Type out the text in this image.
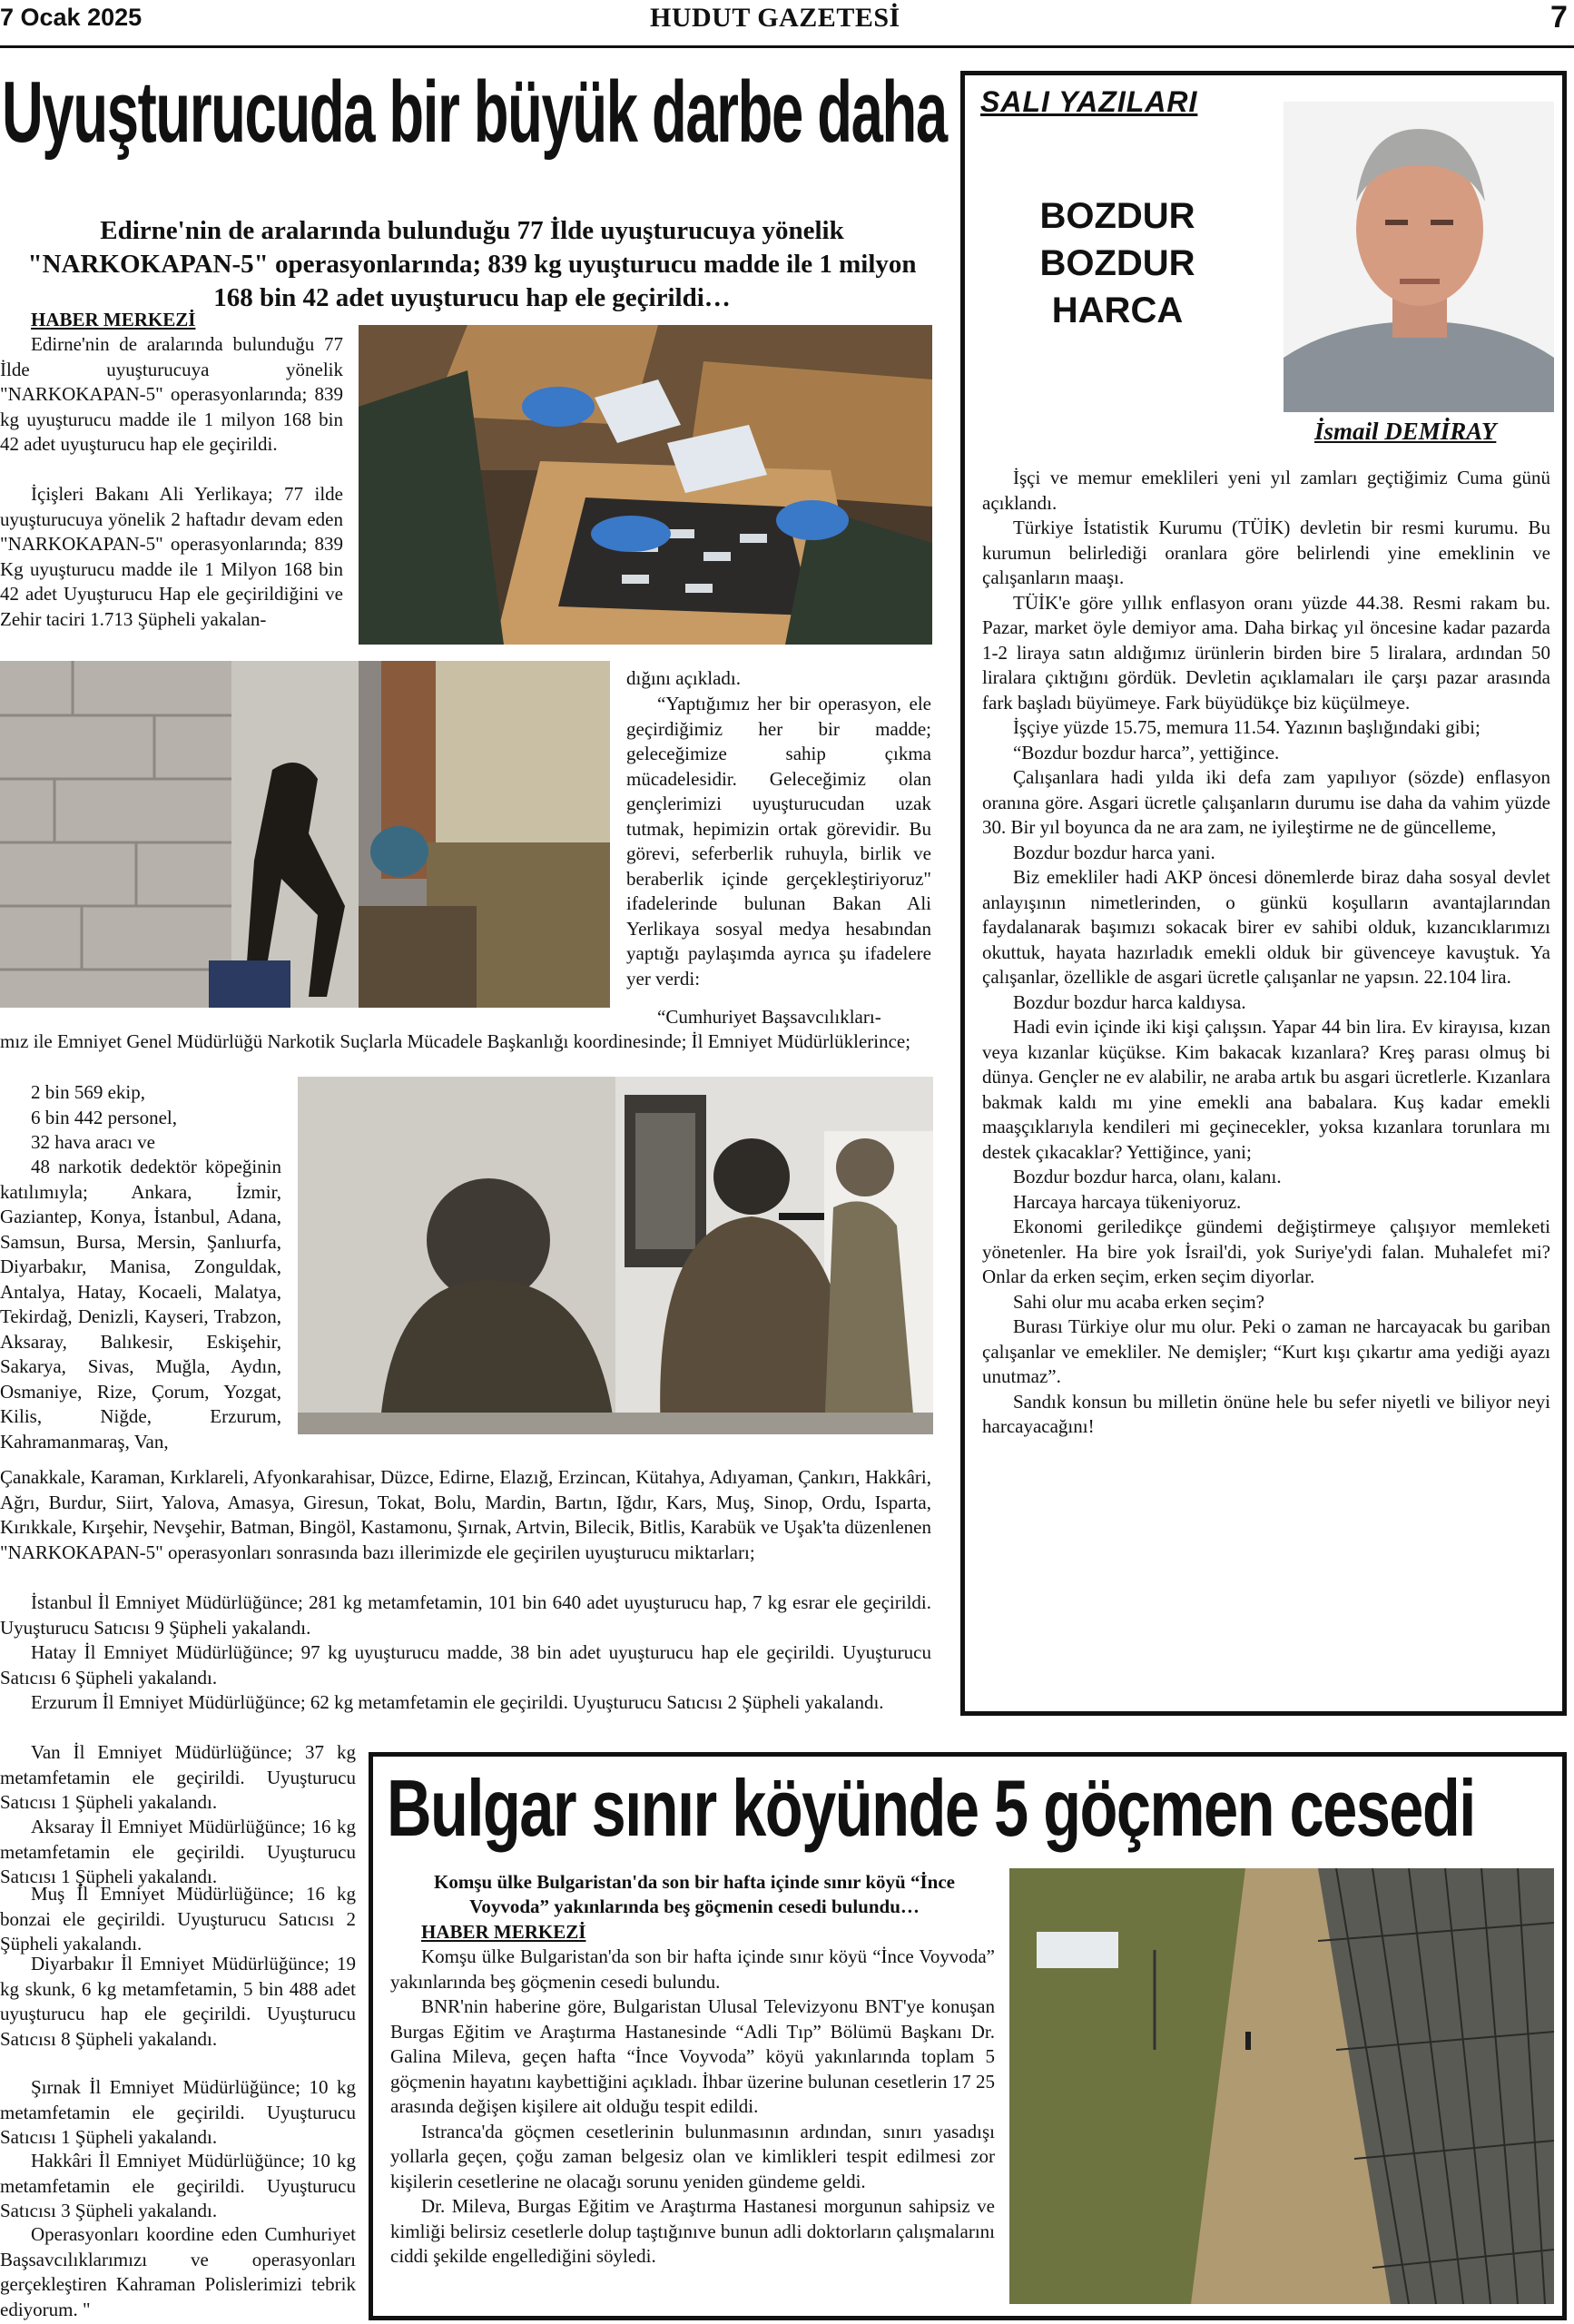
7 Ocak 2025	HUDUT GAZETESİ	7
Uyuşturucuda bir büyük darbe daha
Edirne'nin de aralarında bulunduğu 77 İlde uyuşturucuya yönelik "NARKOKAPAN-5" operasyonlarında; 839 kg uyuşturucu madde ile 1 milyon 168 bin 42 adet uyuşturucu hap ele geçirildi…
HABER MERKEZİ
Edirne'nin de aralarında bulunduğu 77 İlde uyuşturucuya yönelik "NARKOKAPAN-5" operasyonlarında; 839 kg uyuşturucu madde ile 1 milyon 168 bin 42 adet uyuşturucu hap ele geçirildi.
İçişleri Bakanı Ali Yerlikaya; 77 ilde uyuşturucuya yönelik 2 haftadır devam eden "NARKOKAPAN-5" operasyonlarında; 839 Kg uyuşturucu madde ile 1 Milyon 168 bin 42 adet Uyuşturucu Hap ele geçirildiğini ve Zehir taciri 1.713 Şüpheli yakalan-
dığını açıkladı.
“Yaptığımız her bir operasyon, ele geçirdiğimiz her bir madde; geleceğimize sahip çıkma mücadelesidir. Geleceğimiz olan gençlerimizi uyuşturucudan uzak tutmak, hepimizin ortak görevidir. Bu görevi, seferberlik ruhuyla, birlik ve beraberlik içinde gerçekleştiriyoruz" ifadelerinde bulunan Bakan Ali Yerlikaya sosyal medya hesabından yaptığı paylaşımda ayrıca şu ifadelere yer verdi:
“Cumhuriyet Başsavcılıkları-
mız ile Emniyet Genel Müdürlüğü Narkotik Suçlarla Mücadele Başkanlığı koordinesinde; İl Emniyet Müdürlüklerince;
2 bin 569 ekip,
6 bin 442 personel,
32 hava aracı ve
48 narkotik dedektör köpeğinin katılımıyla; Ankara, İzmir, Gaziantep, Konya, İstanbul, Adana, Samsun, Bursa, Mersin, Şanlıurfa, Diyarbakır, Manisa, Zonguldak, Antalya, Hatay, Kocaeli, Malatya, Tekirdağ, Denizli, Kayseri, Trabzon, Aksaray, Balıkesir, Eskişehir, Sakarya, Sivas, Muğla, Aydın, Osmaniye, Rize, Çorum, Yozgat, Kilis, Niğde, Erzurum, Kahramanmaraş, Van,
Çanakkale, Karaman, Kırklareli, Afyonkarahisar, Düzce, Edirne, Elazığ, Erzincan, Kütahya, Adıyaman, Çankırı, Hakkâri, Ağrı, Burdur, Siirt, Yalova, Amasya, Giresun, Tokat, Bolu, Mardin, Bartın, Iğdır, Kars, Muş, Sinop, Ordu, Isparta, Kırıkkale, Kırşehir, Nevşehir, Batman, Bingöl, Kastamonu, Şırnak, Artvin, Bilecik, Bitlis, Karabük ve Uşak'ta düzenlenen "NARKOKAPAN-5" operasyonları sonrasında bazı illerimizde ele geçirilen uyuşturucu miktarları;
İstanbul İl Emniyet Müdürlüğünce; 281 kg metamfetamin, 101 bin 640 adet uyuşturucu hap, 7 kg esrar ele geçirildi. Uyuşturucu Satıcısı 9 Şüpheli yakalandı.
Hatay İl Emniyet Müdürlüğünce; 97 kg uyuşturucu madde, 38 bin adet uyuşturucu hap ele geçirildi. Uyuşturucu Satıcısı 6 Şüpheli yakalandı.
Erzurum İl Emniyet Müdürlüğünce; 62 kg metamfetamin ele geçirildi. Uyuşturucu Satıcısı 2 Şüpheli yakalandı.
Van İl Emniyet Müdürlüğünce; 37 kg metamfetamin ele geçirildi. Uyuşturucu Satıcısı 1 Şüpheli yakalandı.
Aksaray İl Emniyet Müdürlüğünce; 16 kg metamfetamin ele geçirildi. Uyuşturucu Satıcısı 1 Şüpheli yakalandı.
Muş İl Emniyet Müdürlüğünce; 16 kg bonzai ele geçirildi. Uyuşturucu Satıcısı 2 Şüpheli yakalandı.
Diyarbakır İl Emniyet Müdürlüğünce; 19 kg skunk, 6 kg metamfetamin, 5 bin 488 adet uyuşturucu hap ele geçirildi. Uyuşturucu Satıcısı 8 Şüpheli yakalandı.
Şırnak İl Emniyet Müdürlüğünce; 10 kg metamfetamin ele geçirildi. Uyuşturucu Satıcısı 1 Şüpheli yakalandı.
Hakkâri İl Emniyet Müdürlüğünce; 10 kg metamfetamin ele geçirildi. Uyuşturucu Satıcısı 3 Şüpheli yakalandı.
Operasyonları koordine eden Cumhuriyet Başsavcılıklarımızı ve operasyonları gerçekleştiren Kahraman Polislerimizi tebrik ediyorum. "
SALI YAZILARI
BOZDUR
BOZDUR
HARCA
İsmail DEMİRAY

İşçi ve memur emeklileri yeni yıl zamları geçtiğimiz Cuma günü açıklandı.

Türkiye İstatistik Kurumu (TÜİK) devletin bir resmi kurumu. Bu kurumun belirlediği oranlara göre belirlendi yine emeklinin ve çalışanların maaşı.

TÜİK'e göre yıllık enflasyon oranı yüzde 44.38. Resmi rakam bu. Pazar, market öyle demiyor ama. Daha birkaç yıl öncesine kadar pazarda 1-2 liraya satın aldığımız ürünlerin birden bire 5 liralara, ardından 50 liralara çıktığını gördük. Devletin açıklamaları ile çarşı pazar arasında fark başladı büyümeye. Fark büyüdükçe biz küçülmeye.

İşçiye yüzde 15.75, memura 11.54. Yazının başlığındaki gibi;

“Bozdur bozdur harca”, yettiğince.

Çalışanlara hadi yılda iki defa zam yapılıyor (sözde) enflasyon oranına göre. Asgari ücretle çalışanların durumu ise daha da vahim yüzde 30. Bir yıl boyunca da ne ara zam, ne iyileştirme ne de güncelleme,

Bozdur bozdur harca yani.

Biz emekliler hadi AKP öncesi dönemlerde biraz daha sosyal devlet anlayışının nimetlerinden, o günkü koşulların avantajlarından faydalanarak başımızı sokacak birer ev sahibi olduk, kızancıklarımızı okuttuk, hayata hazırladık emekli olduk bir güvenceye kavuştuk. Ya çalışanlar, özellikle de asgari ücretle çalışanlar ne yapsın. 22.104 lira.

Bozdur bozdur harca kaldıysa.

Hadi evin içinde iki kişi çalışsın. Yapar 44 bin lira. Ev kirayısa, kızan veya kızanlar küçükse. Kim bakacak kızanlara? Kreş parası olmuş bi dünya. Gençler ne ev alabilir, ne araba artık bu asgari ücretlerle. Kızanlara bakmak kaldı mı yine emekli ana babalara. Kuş kadar emekli maaşçıklarıyla kendileri mi geçinecekler, yoksa kızanlara torunlara mı destek çıkacaklar? Yettiğince, yani;

Bozdur bozdur harca, olanı, kalanı.

Harcaya harcaya tükeniyoruz.

Ekonomi geriledikçe gündemi değiştirmeye çalışıyor memleketi yönetenler. Ha bire yok İsrail'di, yok Suriye'ydi falan. Muhalefet mi? Onlar da erken seçim, erken seçim diyorlar.

Sahi olur mu acaba erken seçim?

Burası Türkiye olur mu olur. Peki o zaman ne harcayacak bu gariban çalışanlar ve emekliler. Ne demişler; “Kurt kışı çıkartır ama yediği ayazı unutmaz”.

Sandık konsun bu milletin önüne hele bu sefer niyetli ve biliyor neyi harcayacağını!

Bulgar sınır köyünde 5 göçmen cesedi
Komşu ülke Bulgaristan'da son bir hafta içinde sınır köyü “İnce Voyvoda” yakınlarında beş göçmenin cesedi bulundu…
HABER MERKEZİ

Komşu ülke Bulgaristan'da son bir hafta içinde sınır köyü “İnce Voyvoda” yakınlarında beş göçmenin cesedi bulundu.

BNR'nin haberine göre, Bulgaristan Ulusal Televizyonu BNT'ye konuşan Burgas Eğitim ve Araştırma Hastanesinde “Adli Tıp” Bölümü Başkanı Dr. Galina Mileva, geçen hafta “İnce Voyvoda” köyü yakınlarında toplam 5 göçmenin hayatını kaybettiğini açıkladı. İhbar üzerine bulunan cesetlerin 17 25 arasında değişen kişilere ait olduğu tespit edildi.

Istranca'da göçmen cesetlerinin bulunmasının ardından, sınırı yasadışı yollarla geçen, çoğu zaman belgesiz olan ve kimlikleri tespit edilmesi zor kişilerin cesetlerine ne olacağı sorunu yeniden gündeme geldi.

Dr. Mileva, Burgas Eğitim ve Araştırma Hastanesi morgunun sahipsiz ve kimliği belirsiz cesetlerle dolup taştığınıve bunun adli doktorların çalışmalarını ciddi şekilde engellediğini söyledi.
